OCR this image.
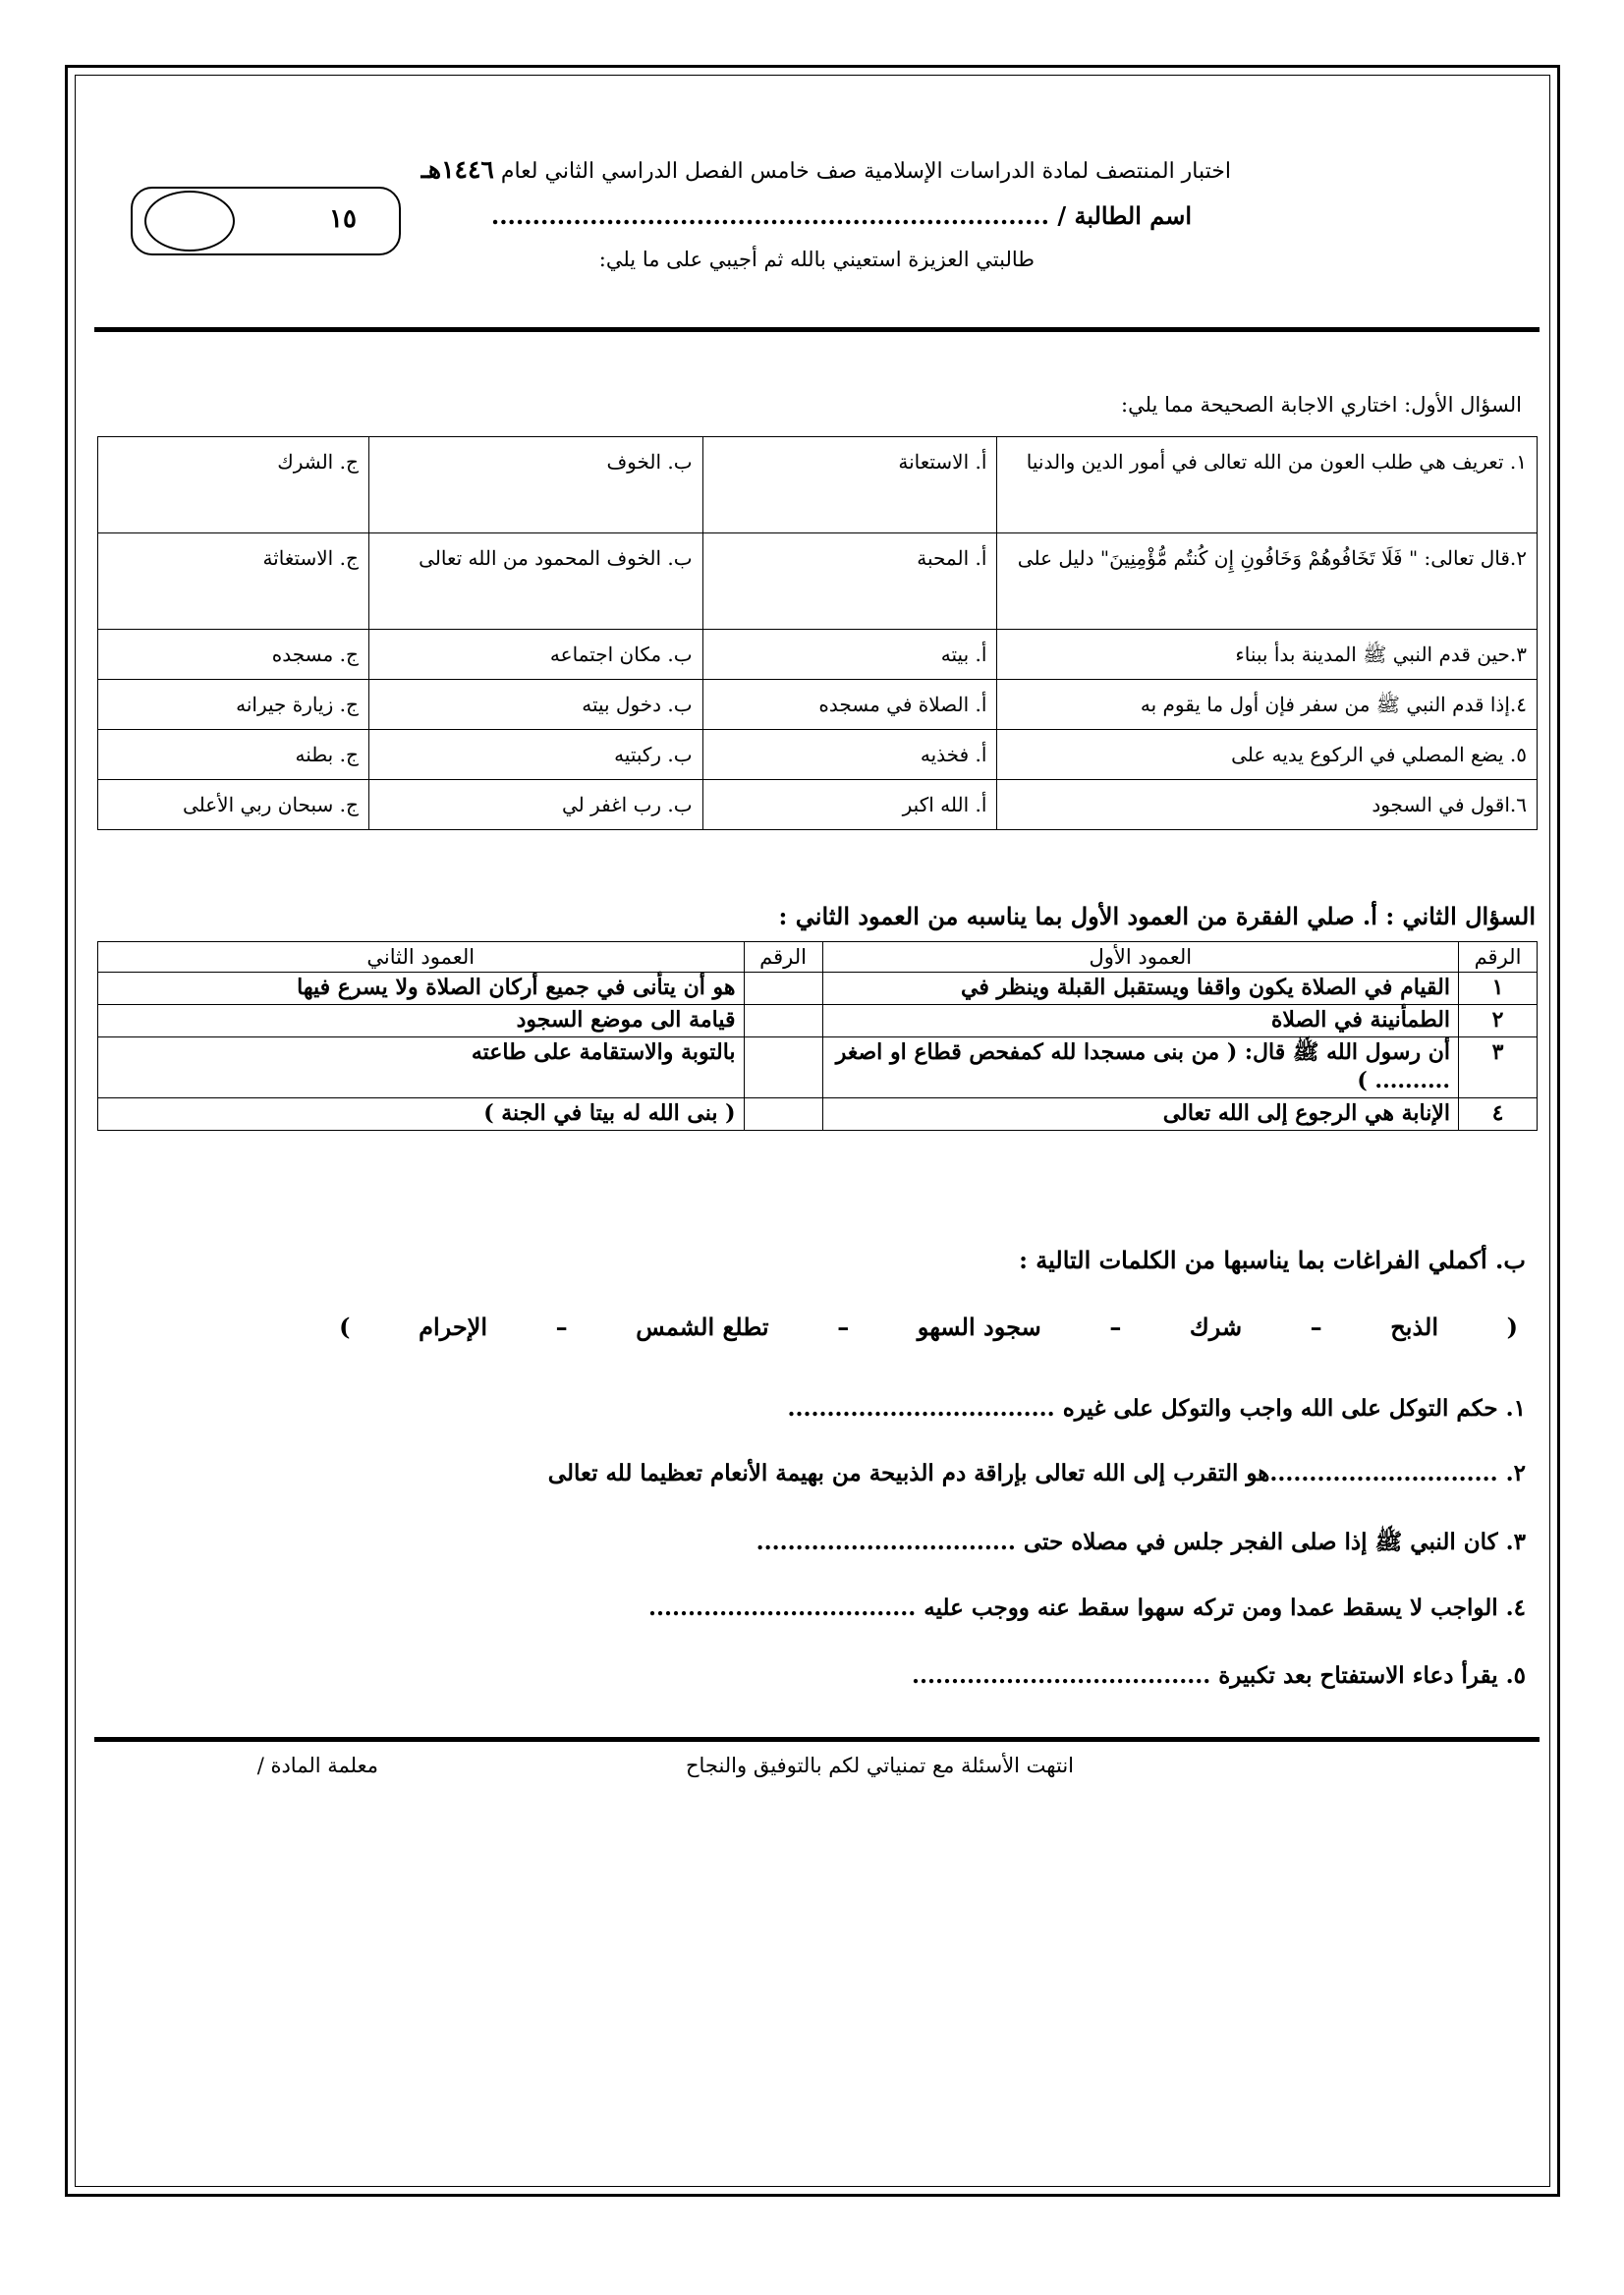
اختبار المنتصف لمادة الدراسات الإسلامية صف خامس الفصل الدراسي الثاني لعام ١٤٤٦هـ
اسم الطالبة / ....................................................................
طالبتي العزيزة استعيني بالله ثم أجيبي على ما يلي:
١٥
السؤال الأول: اختاري الاجابة الصحيحة مما يلي:
١. تعريف هي طلب العون من الله تعالى في أمور الدين والدنيا	أ. الاستعانة	ب. الخوف	ج. الشرك
٢.قال تعالى: " فَلَا تَخَافُوهُمْ وَخَافُونِ إِن كُنتُم مُّؤْمِنِينَ" دليل على	أ. المحبة	ب. الخوف المحمود من الله تعالى	ج. الاستغاثة
٣.حين قدم النبي ﷺ المدينة بدأ ببناء	أ. بيته	ب. مكان اجتماعه	ج. مسجده
٤.إذا قدم النبي ﷺ من سفر فإن أول ما يقوم به	أ. الصلاة في مسجده	ب. دخول بيته	ج. زيارة جيرانه
٥. يضع المصلي في الركوع يديه على	أ. فخذيه	ب. ركبتيه	ج. بطنه
٦.اقول في السجود	أ. الله اكبر	ب. رب اغفر لي	ج. سبحان ربي الأعلى
السؤال الثاني : أ. صلي الفقرة من العمود الأول بما يناسبه من العمود الثاني :
الرقم	العمود الأول	الرقم	العمود الثاني
١	القيام في الصلاة يكون واقفا ويستقبل القبلة وينظر في		هو أن يتأنى في جميع أركان الصلاة ولا يسرع فيها
٢	الطمأنينة في الصلاة		قيامة الى موضع السجود
٣	أن رسول الله ﷺ قال: ( من بنى مسجدا لله كمفحص قطاع او اصغر .......... )		بالتوبة والاستقامة على طاعته
٤	الإنابة هي الرجوع إلى الله تعالى		( بنى الله له بيتا في الجنة )
ب. أكملي الفراغات بما يناسبها من الكلمات التالية :
(
الذبح
–
شرك
–
سجود السهو
–
تطلع الشمس
–
الإحرام
)
١. حكم التوكل على الله واجب والتوكل على غيره ..................................
٢. .............................هو التقرب إلى الله تعالى بإراقة دم الذبيحة من بهيمة الأنعام تعظيما لله تعالى
٣. كان النبي ﷺ إذا صلى الفجر جلس في مصلاه حتى .................................
٤. الواجب لا يسقط عمدا ومن تركه سهوا سقط عنه ووجب عليه ..................................
٥. يقرأ دعاء الاستفتاح بعد تكبيرة ......................................
انتهت الأسئلة مع تمنياتي لكم بالتوفيق والنجاح
معلمة المادة /
